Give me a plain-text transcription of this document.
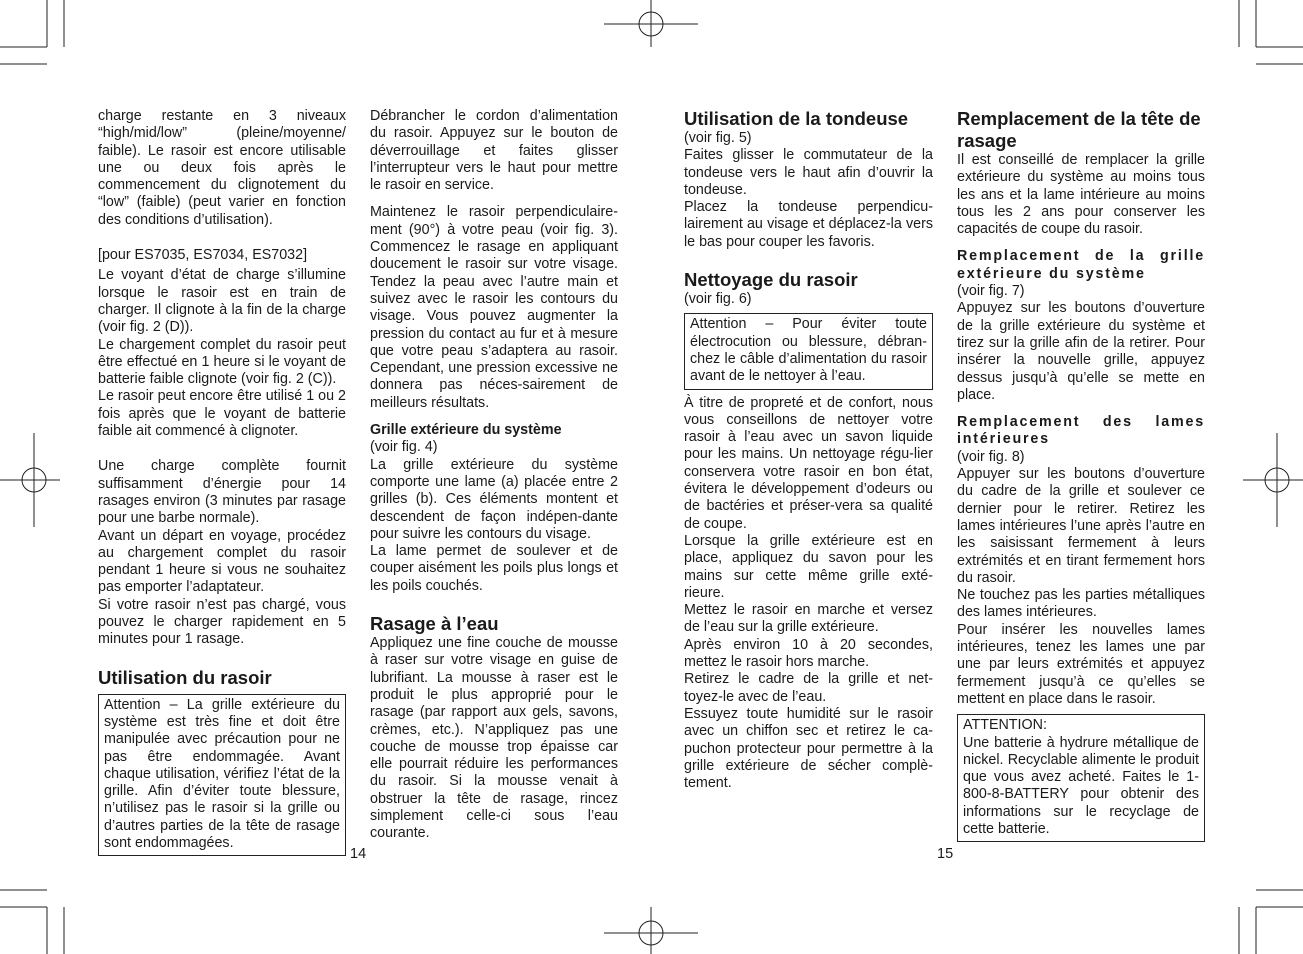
charge restante en 3 niveaux “high/mid/low” (pleine/moyenne/ faible). Le rasoir est encore utilisable une ou deux fois après le commencement du clignotement du “low” (faible) (peut varier en fonction des conditions d’utilisation).

[pour ES7035, ES7034, ES7032]

Le voyant d’état de charge s’illumine lorsque le rasoir est en train de charger. Il clignote à la fin de la charge (voir fig. 2 (D)).

Le chargement complet du rasoir peut être effectué en 1 heure si le voyant de batterie faible clignote (voir fig. 2 (C)).

Le rasoir peut encore être utilisé 1 ou 2 fois après que le voyant de batterie faible ait commencé à clignoter.

Une charge complète fournit suffisamment d’énergie pour 14 rasages environ (3 minutes par rasage pour une barbe normale).

Avant un départ en voyage, procédez au chargement complet du rasoir pendant 1 heure si vous ne souhaitez pas emporter l’adaptateur.

Si votre rasoir n’est pas chargé, vous pouvez le charger rapidement en 5 minutes pour 1 rasage.

Utilisation du rasoir

Attention – La grille extérieure du système est très fine et doit être manipulée avec précaution pour ne pas être endommagée. Avant chaque utilisation, vérifiez l’état de la grille. Afin d’éviter toute blessure, n’utilisez pas le rasoir si la grille ou d’autres parties de la tête de rasage sont endommagées.

Débrancher le cordon d’alimentation du rasoir. Appuyez sur le bouton de déverrouillage et faites glisser l’interrupteur vers le haut pour mettre le rasoir en service.

Maintenez le rasoir perpendiculaire-ment (90°) à votre peau (voir fig. 3). Commencez le rasage en appliquant doucement le rasoir sur votre visage. Tendez la peau avec l’autre main et suivez avec le rasoir les contours du visage. Vous pouvez augmenter la pression du contact au fur et à mesure que votre peau s’adaptera au rasoir. Cependant, une pression excessive ne donnera pas néces-sairement de meilleurs résultats.

Grille extérieure du système

(voir fig. 4)

La grille extérieure du système comporte une lame (a) placée entre 2 grilles (b). Ces éléments montent et descendent de façon indépen-dante pour suivre les contours du visage.

La lame permet de soulever et de couper aisément les poils plus longs et les poils couchés.

Rasage à l’eau

Appliquez une fine couche de mousse à raser sur votre visage en guise de lubrifiant. La mousse à raser est le produit le plus approprié pour le rasage (par rapport aux gels, savons, crèmes, etc.). N’appliquez pas une couche de mousse trop épaisse car elle pourrait réduire les performances du rasoir. Si la mousse venait à obstruer la tête de rasage, rincez simplement celle-ci sous l’eau courante.

Utilisation de la tondeuse

(voir fig. 5)

Faites glisser le commutateur de la tondeuse vers le haut afin d’ouvrir la tondeuse.

Placez la tondeuse perpendicu-lairement au visage et déplacez-la vers le bas pour couper les favoris.

Nettoyage du rasoir

(voir fig. 6)

Attention – Pour éviter toute électrocution ou blessure, débran-chez le câble d’alimentation du rasoir avant de le nettoyer à l’eau.

À titre de propreté et de confort, nous vous conseillons de nettoyer votre rasoir à l’eau avec un savon liquide pour les mains. Un nettoyage régu-lier conservera votre rasoir en bon état, évitera le développement d’odeurs ou de bactéries et préser-vera sa qualité de coupe.

Lorsque la grille extérieure est en place, appliquez du savon pour les mains sur cette même grille exté-rieure.

Mettez le rasoir en marche et versez de l’eau sur la grille extérieure.

Après environ 10 à 20 secondes, mettez le rasoir hors marche.

Retirez le cadre de la grille et net-toyez-le avec de l’eau.

Essuyez toute humidité sur le rasoir avec un chiffon sec et retirez le ca-puchon protecteur pour permettre à la grille extérieure de sécher complè-tement.

Remplacement de la tête de rasage

Il est conseillé de remplacer la grille extérieure du système au moins tous les ans et la lame intérieure au moins tous les 2 ans pour conserver les capacités de coupe du rasoir.

Remplacement de la grille extérieure du système

(voir fig. 7)

Appuyez sur les boutons d’ouverture de la grille extérieure du système et tirez sur la grille afin de la retirer. Pour insérer la nouvelle grille, appuyez dessus jusqu’à qu’elle se mette en place.

Remplacement des lames intérieures

(voir fig. 8)

Appuyer sur les boutons d’ouverture du cadre de la grille et soulever ce dernier pour le retirer. Retirez les lames intérieures l’une après l’autre en les saisissant fermement à leurs extrémités et en tirant fermement hors du rasoir.

Ne touchez pas les parties métalliques des lames intérieures.

Pour insérer les nouvelles lames intérieures, tenez les lames une par une par leurs extrémités et appuyez fermement jusqu’à ce qu’elles se mettent en place dans le rasoir.

ATTENTION:

Une batterie à hydrure métallique de nickel. Recyclable alimente le produit que vous avez acheté. Faites le 1-800-8-BATTERY pour obtenir des informations sur le recyclage de cette batterie.

14	15
